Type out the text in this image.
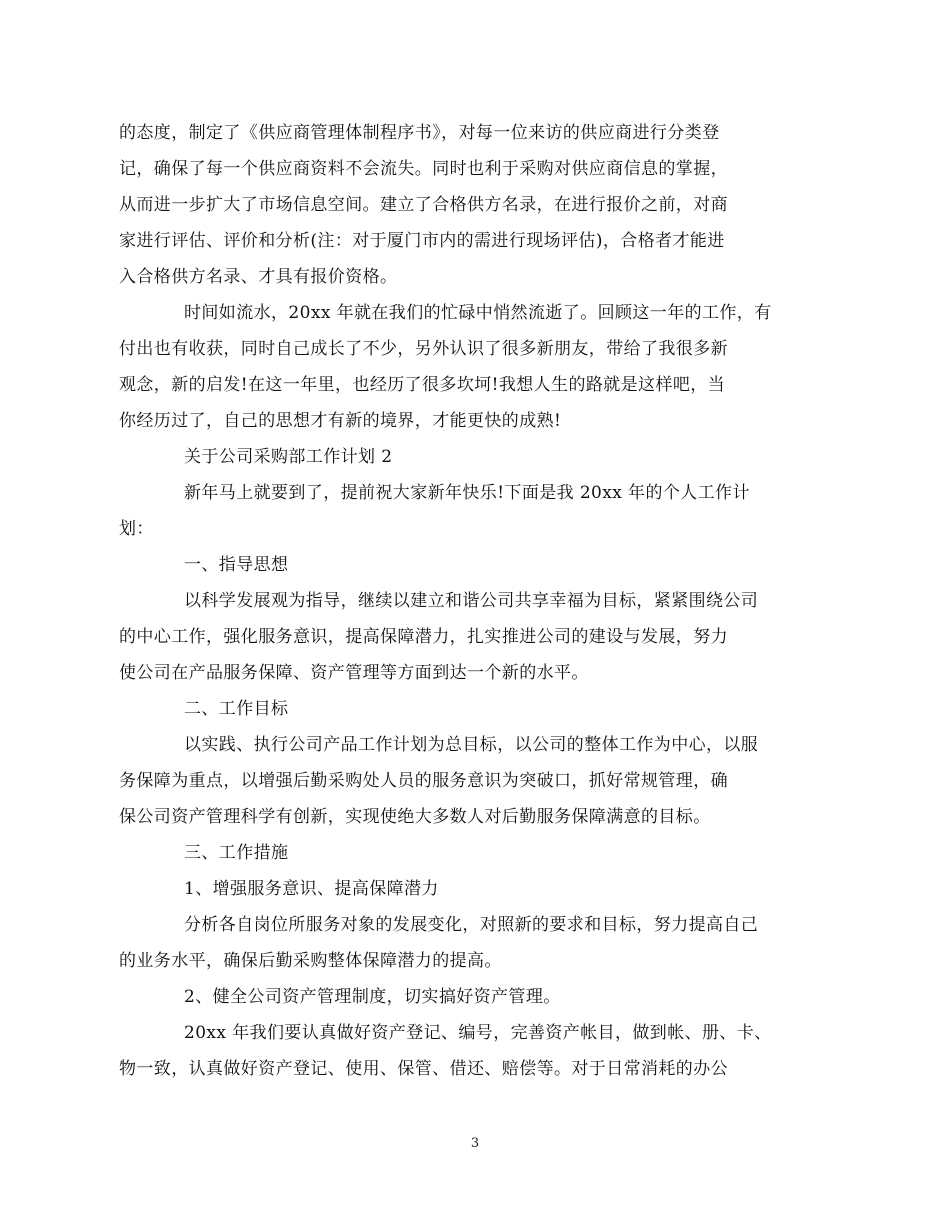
的态度，制定了《供应商管理体制程序书》，对每一位来访的供应商进行分类登
记，确保了每一个供应商资料不会流失。同时也利于采购对供应商信息的掌握，
从而进一步扩大了市场信息空间。建立了合格供方名录，在进行报价之前，对商
家进行评估、评价和分析(注：对于厦门市内的需进行现场评估)，合格者才能进
入合格供方名录、才具有报价资格。
时间如流水，20xx 年就在我们的忙碌中悄然流逝了。回顾这一年的工作，有
付出也有收获，同时自己成长了不少，另外认识了很多新朋友，带给了我很多新
观念，新的启发!在这一年里，也经历了很多坎坷!我想人生的路就是这样吧，当
你经历过了，自己的思想才有新的境界，才能更快的成熟!
关于公司采购部工作计划 2
新年马上就要到了，提前祝大家新年快乐!下面是我 20xx 年的个人工作计
划：
一、指导思想
以科学发展观为指导，继续以建立和谐公司共享幸福为目标，紧紧围绕公司
的中心工作，强化服务意识，提高保障潜力，扎实推进公司的建设与发展，努力
使公司在产品服务保障、资产管理等方面到达一个新的水平。
二、工作目标
以实践、执行公司产品工作计划为总目标，以公司的整体工作为中心，以服
务保障为重点，以增强后勤采购处人员的服务意识为突破口，抓好常规管理，确
保公司资产管理科学有创新，实现使绝大多数人对后勤服务保障满意的目标。
三、工作措施
1、增强服务意识、提高保障潜力
分析各自岗位所服务对象的发展变化，对照新的要求和目标，努力提高自己
的业务水平，确保后勤采购整体保障潜力的提高。
2、健全公司资产管理制度，切实搞好资产管理。
20xx 年我们要认真做好资产登记、编号，完善资产帐目，做到帐、册、卡、
物一致，认真做好资产登记、使用、保管、借还、赔偿等。对于日常消耗的办公
3
